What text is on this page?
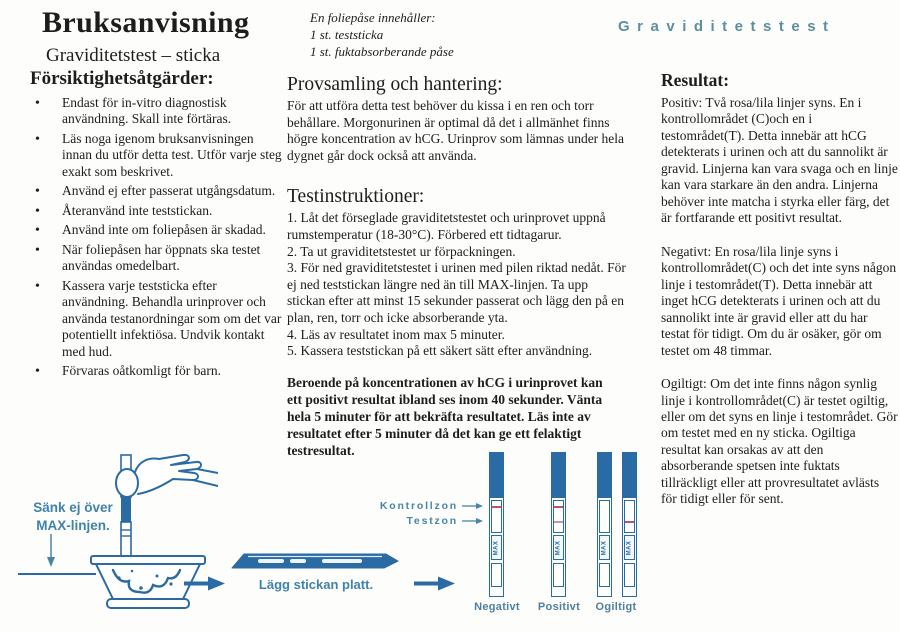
Bruksanvisning
Graviditetstest – sticka
En foliepåse innehåller:
1 st. teststicka
1 st. fuktabsorberande påse
Graviditetstest
Försiktighetsåtgärder:
• Endast för in-vitro diagnostisk användning. Skall inte förtäras.
• Läs noga igenom bruksanvisningen innan du utför detta test. Utför varje steg exakt som beskrivet.
• Använd ej efter passerat utgångsdatum.
• Återanvänd inte teststickan.
• Använd inte om foliepåsen är skadad.
• När foliepåsen har öppnats ska testet användas omedelbart.
• Kassera varje teststicka efter användning. Behandla urinprover och använda testanordningar som om det var potentiellt infektiösa. Undvik kontakt med hud.
• Förvaras oåtkomligt för barn.
Provsamling och hantering:

För att utföra detta test behöver du kissa i en ren och torr behållare. Morgonurinen är optimal då det i allmänhet finns högre koncentration av hCG. Urinprov som lämnas under hela dygnet går dock också att använda.

Testinstruktioner:
1. Låt det förseglade graviditetstestet och urinprovet uppnå rumstemperatur (18-30°C). Förbered ett tidtagarur.
2. Ta ut graviditetstestet ur förpackningen.
3. För ned graviditetstestet i urinen med pilen riktad nedåt. För ej ned teststickan längre ned än till MAX-linjen. Ta upp stickan efter att minst 15 sekunder passerat och lägg den på en plan, ren, torr och icke absorberande yta.
4. Läs av resultatet inom max 5 minuter.
5. Kassera teststickan på ett säkert sätt efter användning.

Beroende på koncentrationen av hCG i urinprovet kan ett positivt resultat ibland ses inom 40 sekunder. Vänta hela 5 minuter för att bekräfta resultatet. Läs inte av resultatet efter 5 minuter då det kan ge ett felaktigt testresultat.

Resultat:

Positiv: Två rosa/lila linjer syns. En i kontrollområdet (C)och en i testområdet(T). Detta innebär att hCG detekterats i urinen och att du sannolikt är gravid. Linjerna kan vara svaga och en linje kan vara starkare än den andra. Linjerna behöver inte matcha i styrka eller färg, det är fortfarande ett positivt resultat.

Negativt: En rosa/lila linje syns i kontrollområdet(C) och det inte syns någon linje i testområdet(T). Detta innebär att inget hCG detekterats i urinen och att du sannolikt inte är gravid eller att du har testat för tidigt. Om du är osäker, gör om testet om 48 timmar.

Ogiltigt: Om det inte finns någon synlig linje i kontrollområdet(C) är testet ogiltig, eller om det syns en linje i testområdet. Gör om testet med en ny sticka. Ogiltiga resultat kan orsakas av att den absorberande spetsen inte fuktats tillräckligt eller att provresultatet avlästs för tidigt eller för sent.

Sänk ej över
MAX-linjen.
Lägg stickan platt.
Kontrollzon
Testzon
MAX	MAX	MAX	MAX
Negativt	Positivt	Ogiltigt
